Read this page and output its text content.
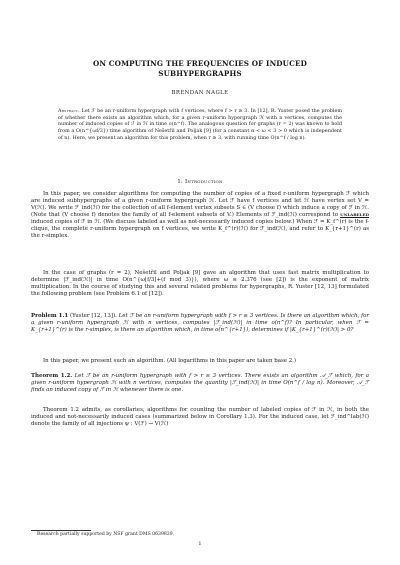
ON COMPUTING THE FREQUENCIES OF INDUCED
SUBHYPERGRAPHS
BRENDAN NAGLE
Abstract. Let ℱ be an r-uniform hypergraph with f vertices, where f > r ≥ 3. In [12], R. Yuster posed the problem of whether there exists an algorithm which, for a given r-uniform hypergraph ℋ with n vertices, computes the number of induced copies of ℱ in ℋ in time o(n^f). The analogous question for graphs (r = 2) was known to hold from a O(n^{ωf/3}) time algorithm of Nešetřil and Poljak [9] (for a constant α < ω < 3 > 0 which is independent of n). Here, we present an algorithm for this problem, when r ≥ 3, with running time O(n^f / log n).
1. Introduction

In this paper, we consider algorithms for computing the number of copies of a fixed r-uniform hypergraph ℱ which are induced subhypergraphs of a given r-uniform hypergraph ℋ. Let ℱ have f vertices and let ℋ have vertex set V = V(ℋ). We write ℱ_ind(ℋ) for the collection of all f-element vertex subsets S ∈ (V choose f) which induce a copy of ℱ in ℋ. (Note that (V choose f) denotes the family of all f-element subsets of V.) Elements of ℱ_ind(ℋ) correspond to unlabeled induced copies of ℱ in ℋ. (We discuss labeled as well as not-necessarily induced copies below.) When ℱ = K_f^(r) is the f-clique, the complete r-uniform hypergraph on f vertices, we write K_f^(r)(ℋ) for ℱ_ind(ℋ), and refer to K_{r+1}^(r) as the r-simplex.

In the case of graphs (r = 2), Nešetřil and Poljak [9] gave an algorithm that uses fast matrix multiplication to determine |ℱ_ind(ℋ)| in time O(n^{ω⌊f/3⌋+(f mod 3)}), where ω ≤ 2.376 (see [2]) is the exponent of matrix multiplication. In the course of studying this and several related problems for hypergraphs, R. Yuster [12, 13] formulated the following problem (see Problem 6.1 of [12]).

Problem 1.1 (Yuster [12, 13]). Let ℱ be an r-uniform hypergraph with f > r ≥ 3 vertices. Is there an algorithm which, for a given r-uniform hypergraph ℋ with n vertices, computes |ℱ_ind(ℋ)| in time o(n^f)? In particular, when ℱ = K_{r+1}^(r) is the r-simplex, is there an algorithm which, in time o(n^{r+1}), determines if |K_{r+1}^(r)(ℋ)| > 0?

In this paper, we present such an algorithm. (All logarithms in this paper are taken base 2.)

Theorem 1.2. Let ℱ be an r-uniform hypergraph with f > r ≥ 3 vertices. There exists an algorithm 𝒜_ℱ which, for a given r-uniform hypergraph ℋ with n vertices, computes the quantity |ℱ_ind(ℋ)| in time O(n^f / log n). Moreover, 𝒜_ℱ finds an induced copy of ℱ in ℋ whenever there is one.

Theorem 1.2 admits, as corollaries, algorithms for counting the number of labeled copies of ℱ in ℋ, in both the induced and not-necessarily induced cases (summarized below in Corollary 1.3). For the induced case, let ℱ_ind^lab(ℋ) denote the family of all injections ψ : V(ℱ) → V(ℋ)

Research partially supported by NSF grant DMS 0639839.
1
